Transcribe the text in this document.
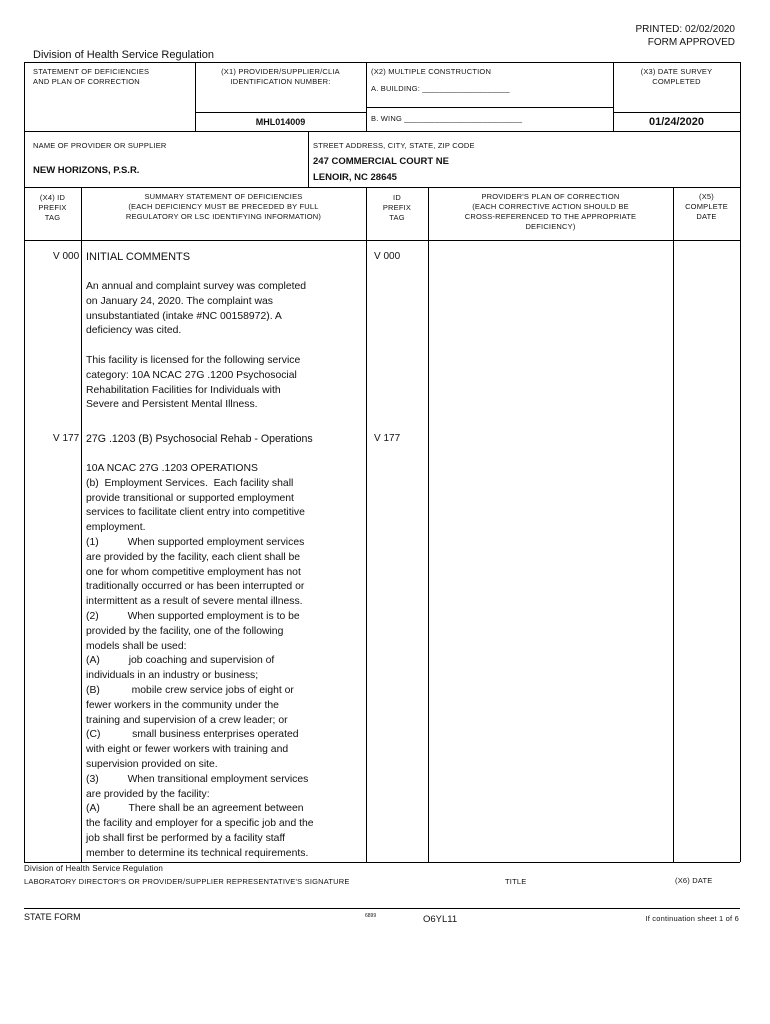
PRINTED: 02/02/2020
FORM APPROVED
Division of Health Service Regulation
STATEMENT OF DEFICIENCIES
AND PLAN OF CORRECTION
(X1) PROVIDER/SUPPLIER/CLIA
IDENTIFICATION NUMBER:
MHL014009
(X2) MULTIPLE CONSTRUCTION
A. BUILDING: ____________________
B. WING ___________________________
(X3) DATE SURVEY
COMPLETED
01/24/2020
NAME OF PROVIDER OR SUPPLIER
NEW HORIZONS, P.S.R.
STREET ADDRESS, CITY, STATE, ZIP CODE
247 COMMERCIAL COURT NE
LENOIR, NC 28645
(X4) ID
PREFIX
TAG
SUMMARY STATEMENT OF DEFICIENCIES
(EACH DEFICIENCY MUST BE PRECEDED BY FULL
REGULATORY OR LSC IDENTIFYING INFORMATION)
ID
PREFIX
TAG
PROVIDER'S PLAN OF CORRECTION
(EACH CORRECTIVE ACTION SHOULD BE
CROSS-REFERENCED TO THE APPROPRIATE
DEFICIENCY)
(X5)
COMPLETE
DATE
V 000 INITIAL COMMENTS	V 000
An annual and complaint survey was completed
on January 24, 2020. The complaint was
unsubstantiated (intake #NC 00158972). A
deficiency was cited.

This facility is licensed for the following service
category: 10A NCAC 27G .1200 Psychosocial
Rehabilitation Facilities for Individuals with
Severe and Persistent Mental Illness.
V 177 27G .1203 (B) Psychosocial Rehab - Operations	V 177
10A NCAC 27G .1203 OPERATIONS
(b)  Employment Services.  Each facility shall
provide transitional or supported employment
services to facilitate client entry into competitive
employment.
(1)          When supported employment services
are provided by the facility, each client shall be
one for whom competitive employment has not
traditionally occurred or has been interrupted or
intermittent as a result of severe mental illness.
(2)          When supported employment is to be
provided by the facility, one of the following
models shall be used:
(A)          job coaching and supervision of
individuals in an industry or business;
(B)           mobile crew service jobs of eight or
fewer workers in the community under the
training and supervision of a crew leader; or
(C)           small business enterprises operated
with eight or fewer workers with training and
supervision provided on site.
(3)          When transitional employment services
are provided by the facility:
(A)          There shall be an agreement between
the facility and employer for a specific job and the
job shall first be performed by a facility staff
member to determine its technical requirements.
Division of Health Service Regulation
LABORATORY DIRECTOR'S OR PROVIDER/SUPPLIER REPRESENTATIVE'S SIGNATURE	TITLE	(X6) DATE
STATE FORM	6899	O6YL11	If continuation sheet 1 of 6
